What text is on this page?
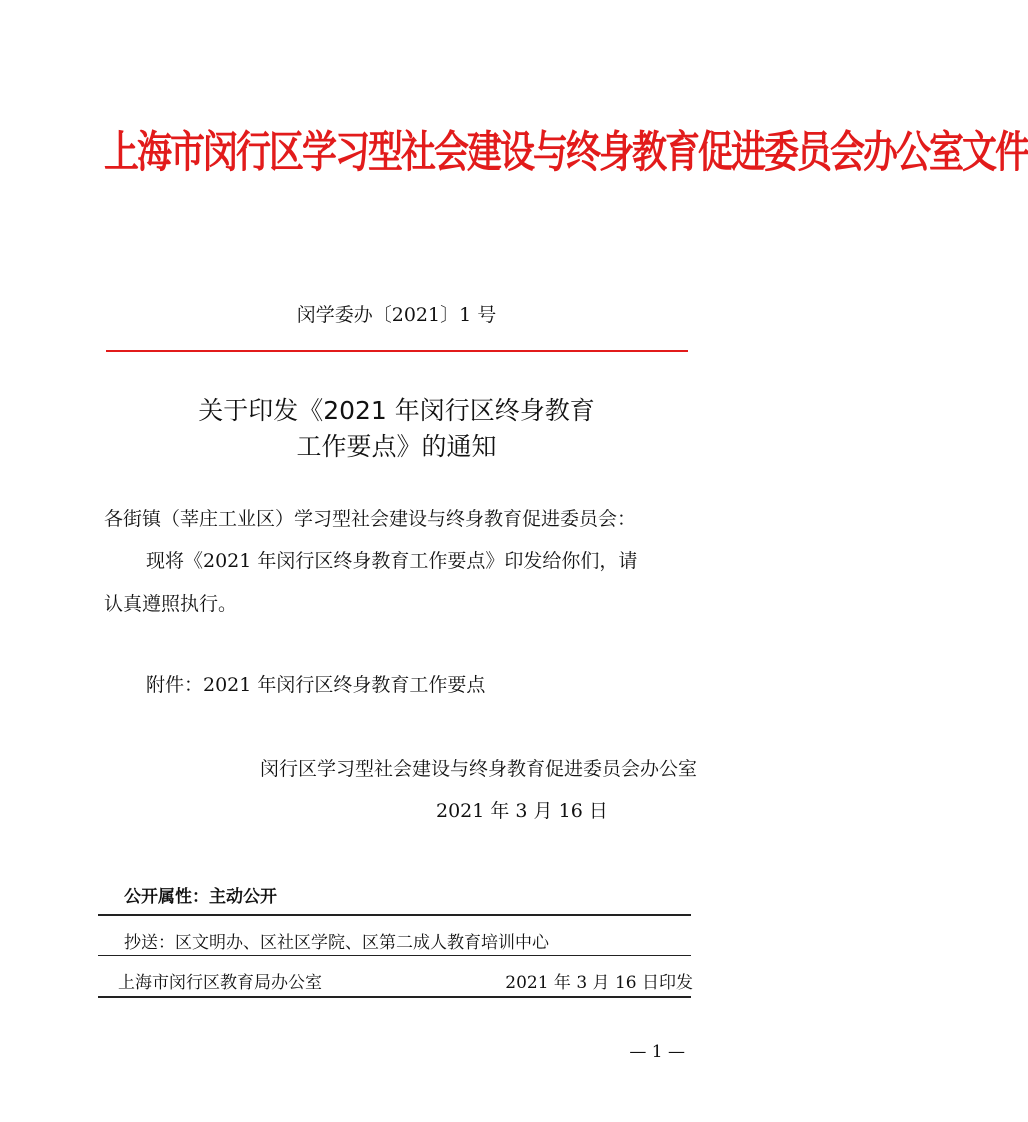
上海市闵行区学习型社会建设与终身教育促进委员会办公室文件
闵学委办〔2021〕1 号
关于印发《2021 年闵行区终身教育
工作要点》的通知
各街镇（莘庄工业区）学习型社会建设与终身教育促进委员会：
现将《2021 年闵行区终身教育工作要点》印发给你们，请
认真遵照执行。
附件：2021 年闵行区终身教育工作要点
闵行区学习型社会建设与终身教育促进委员会办公室
2021 年 3 月 16 日
公开属性：主动公开
抄送：区文明办、区社区学院、区第二成人教育培训中心
上海市闵行区教育局办公室	2021 年 3 月 16 日印发
— 1 —
